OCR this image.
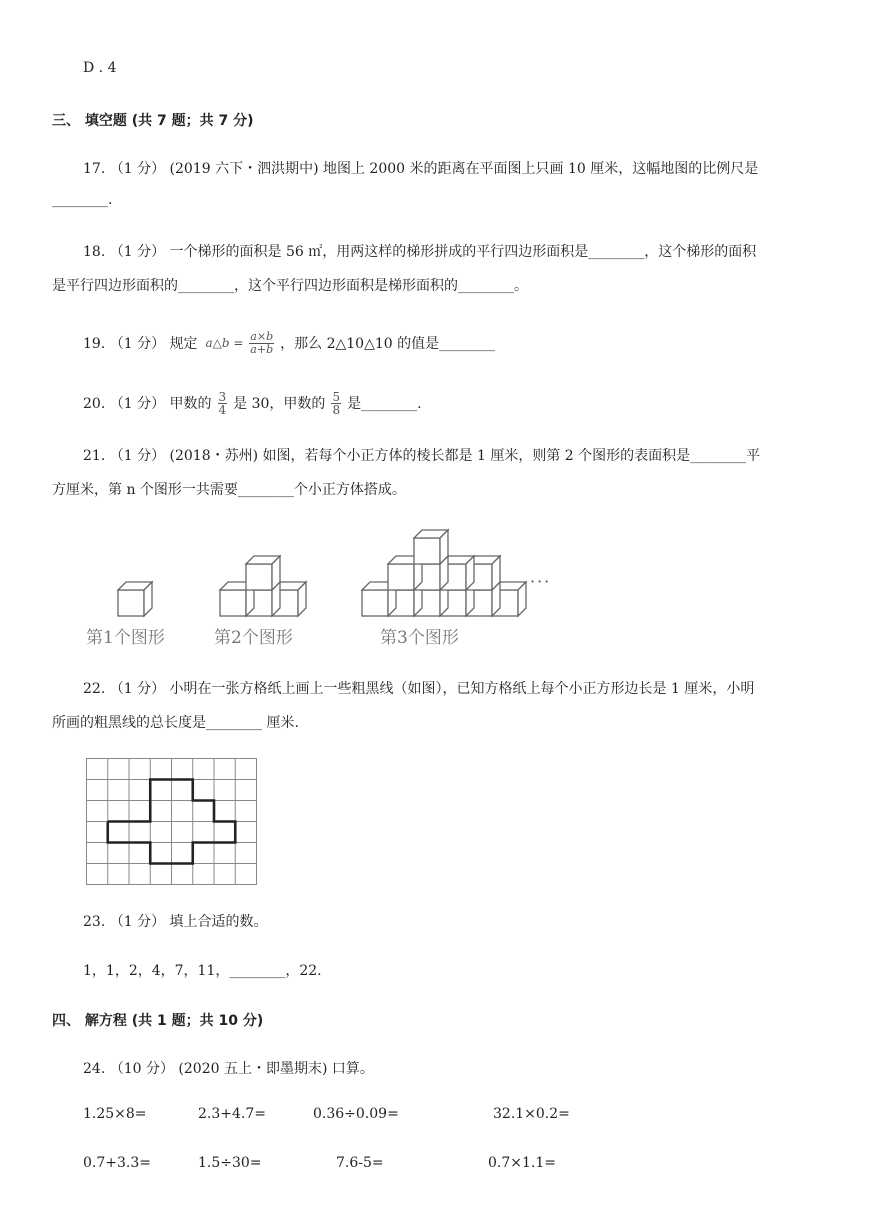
D . 4
三、 填空题 (共 7 题；共 7 分)
17. （1 分） (2019 六下・泗洪期中) 地图上 2000 米的距离在平面图上只画 10 厘米，这幅地图的比例尺是
________.
18. （1 分） 一个梯形的面积是 56 ㎡，用两这样的梯形拼成的平行四边形面积是________，这个梯形的面积
是平行四边形面积的________，这个平行四边形面积是梯形面积的________。
19. （1 分） 规定 a△b = $\frac{a\times b}{a+b}$ ，那么 2△10△10 的值是________
20. （1 分） 甲数的 $\frac{3}{4}$ 是 30，甲数的 $\frac{5}{8}$ 是________.
21. （1 分） (2018・苏州) 如图，若每个小正方体的棱长都是 1 厘米，则第 2 个图形的表面积是________平
方厘米，第 n 个图形一共需要________个小正方体搭成。
第1个图形	第2个图形	第3个图形
···
22. （1 分） 小明在一张方格纸上画上一些粗黑线（如图），已知方格纸上每个小正方形边长是 1 厘米，小明
所画的粗黑线的总长度是________ 厘米.
23. （1 分） 填上合适的数。
1，1，2，4，7，11，________，22.
四、 解方程 (共 1 题；共 10 分)
24. （10 分） (2020 五上・即墨期末) 口算。
1.25×8=	2.3+4.7=	0.36÷0.09=	32.1×0.2=
0.7+3.3=	1.5÷30=	7.6-5=	0.7×1.1=
